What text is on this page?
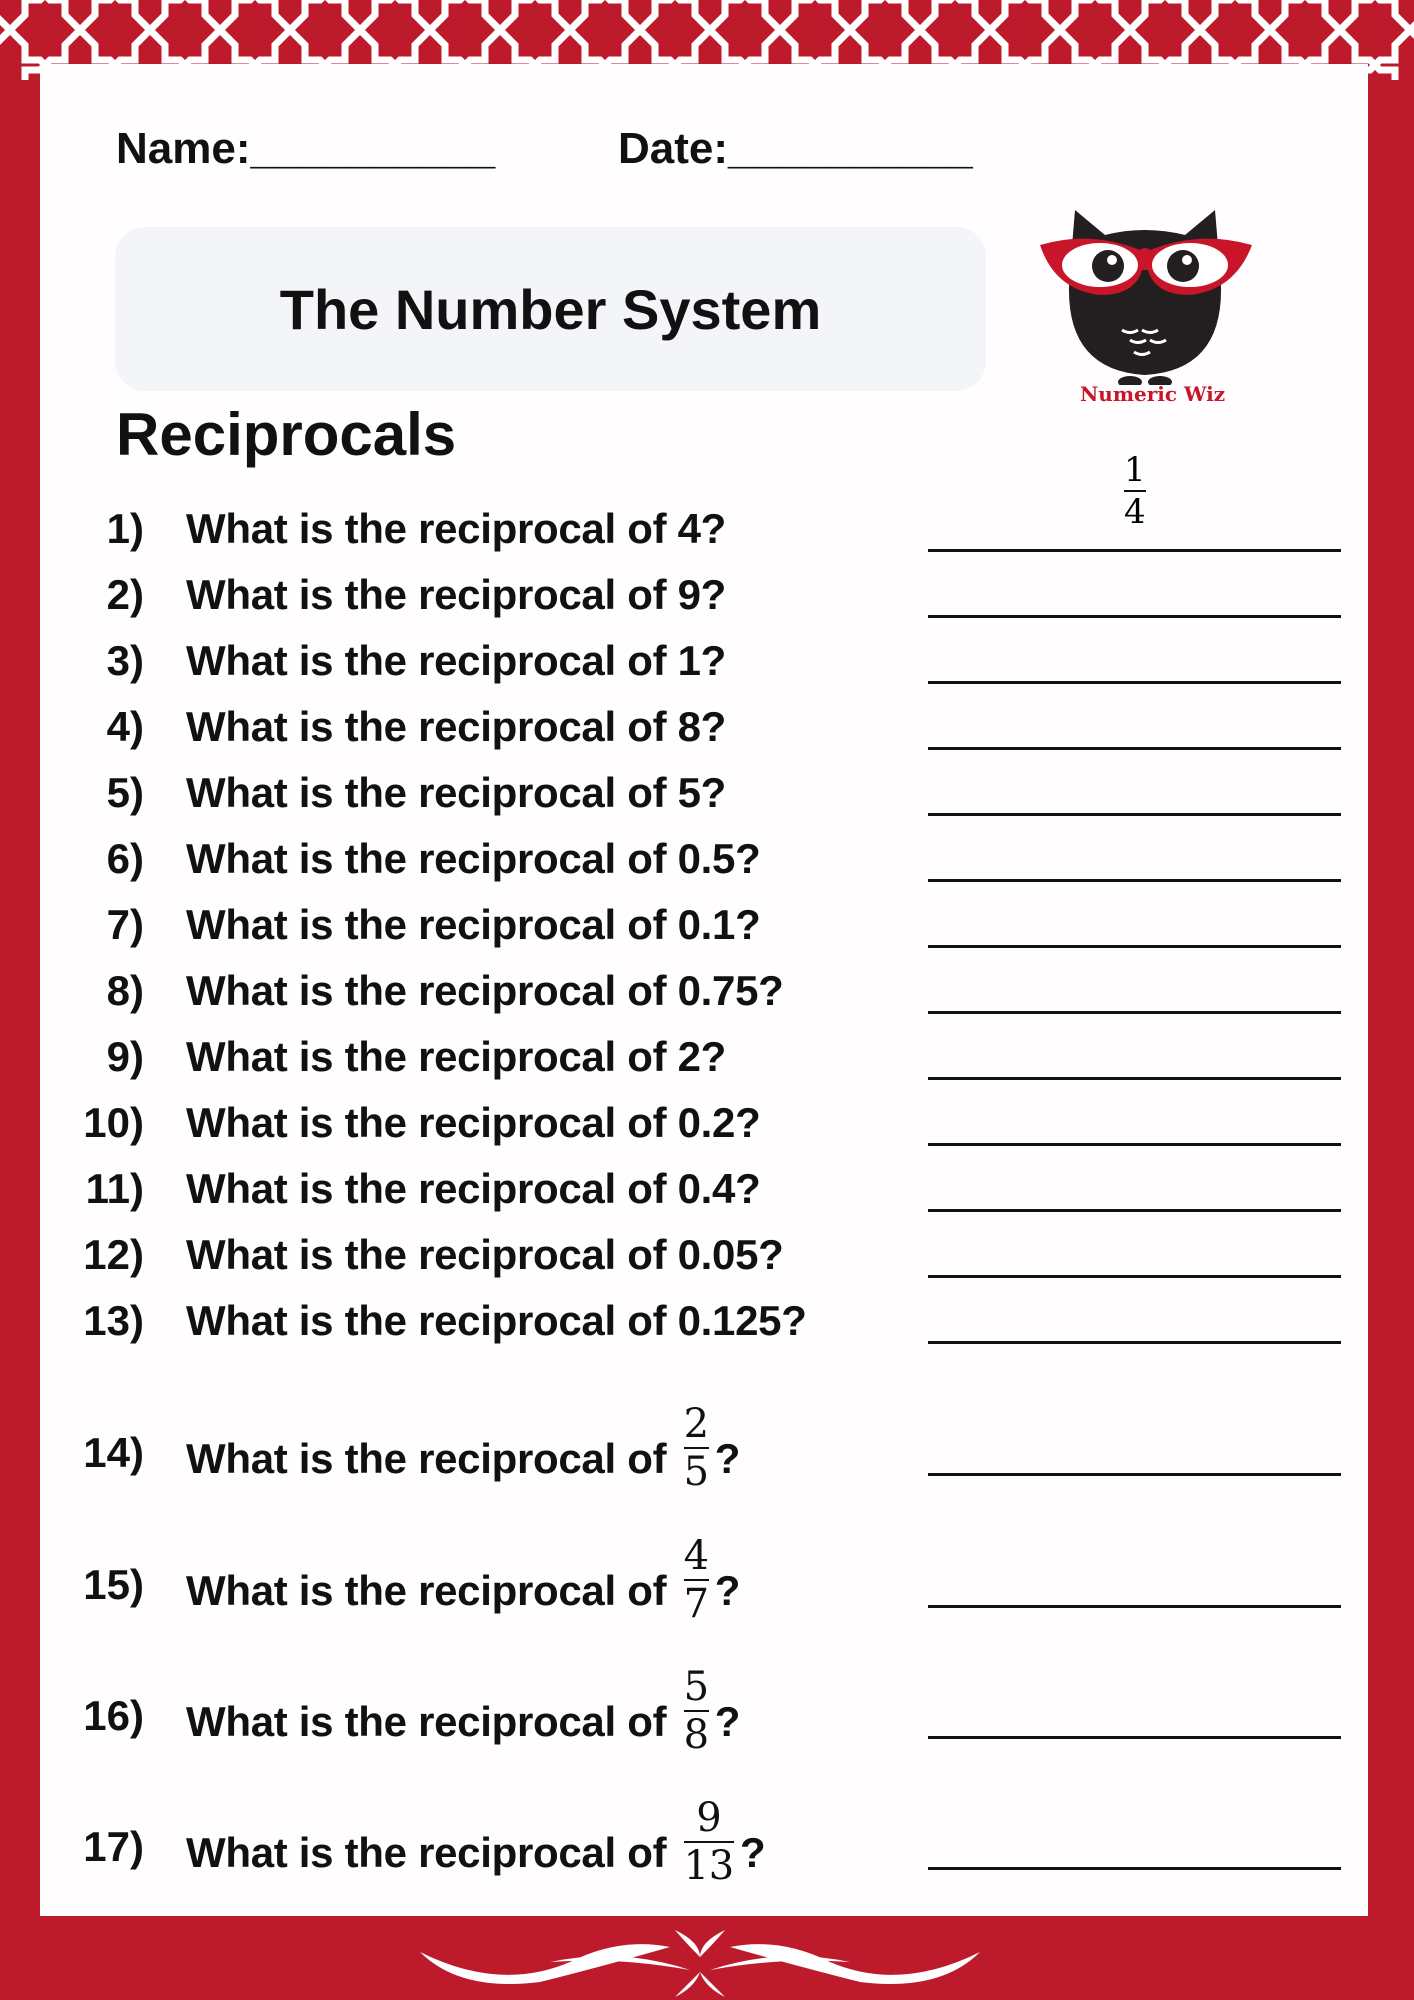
Name:__________	Date:__________
The Number System
Numeric Wiz
Reciprocals
$\frac{1}{4}$
1) What is the reciprocal of 4?
2) What is the reciprocal of 9?
3) What is the reciprocal of 1?
4) What is the reciprocal of 8?
5) What is the reciprocal of 5?
6) What is the reciprocal of 0.5?
7) What is the reciprocal of 0.1?
8) What is the reciprocal of 0.75?
9) What is the reciprocal of 2?
10) What is the reciprocal of 0.2?
11) What is the reciprocal of 0.4?
12) What is the reciprocal of 0.05?
13) What is the reciprocal of 0.125?
14) What is the reciprocal of $\frac{2}{5}$ ?
15) What is the reciprocal of $\frac{4}{7}$ ?
16) What is the reciprocal of $\frac{5}{8}$ ?
17) What is the reciprocal of $\frac{9}{13}$ ?
